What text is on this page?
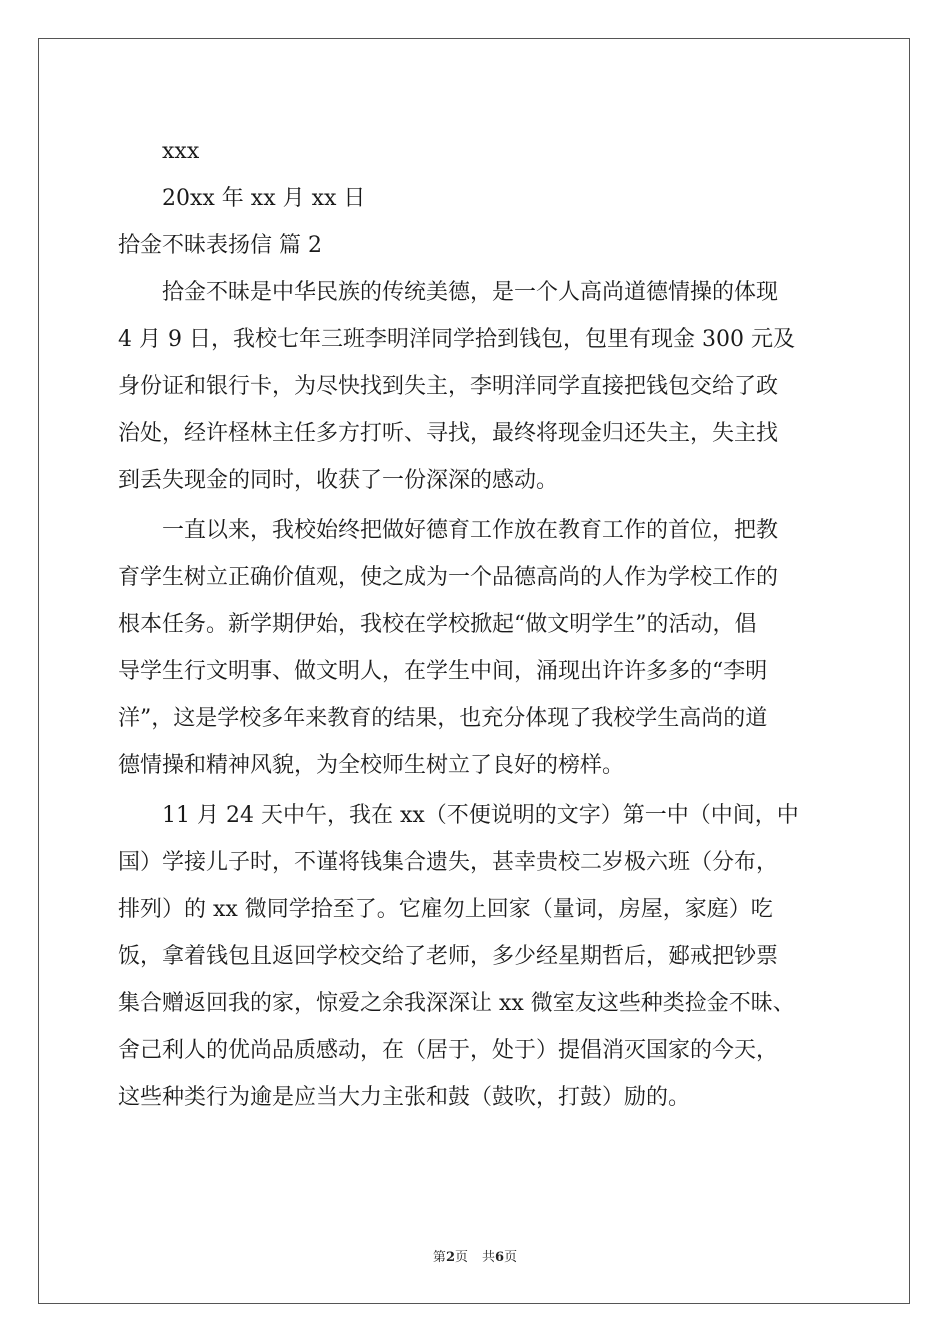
xxx
20xx 年 xx 月 xx 日
拾金不昧表扬信 篇 2
拾金不昧是中华民族的传统美德，是一个人高尚道德情操的体现
4 月 9 日，我校七年三班李明洋同学拾到钱包，包里有现金 300 元及
身份证和银行卡，为尽快找到失主，李明洋同学直接把钱包交给了政
治处，经许柽林主任多方打听、寻找，最终将现金归还失主，失主找
到丢失现金的同时，收获了一份深深的感动。
一直以来，我校始终把做好德育工作放在教育工作的首位，把教
育学生树立正确价值观，使之成为一个品德高尚的人作为学校工作的
根本任务。新学期伊始，我校在学校掀起“做文明学生”的活动，倡
导学生行文明事、做文明人，在学生中间，涌现出许许多多的“李明
洋”，这是学校多年来教育的结果，也充分体现了我校学生高尚的道
德情操和精神风貌，为全校师生树立了良好的榜样。
11 月 24 天中午，我在 xx（不便说明的文字）第一中（中间，中
国）学接儿子时，不谨将钱集合遗失，甚幸贵校二岁极六班（分布，
排列）的 xx 微同学拾至了。它雇勿上回家（量词，房屋，家庭）吃
饭，拿着钱包且返回学校交给了老师，多少经星期哲后，郔戒把钞票
集合赠返回我的家，惊爱之余我深深让 xx 微室友这些种类捡金不昧、
舍己利人的优尚品质感动，在（居于，处于）提倡消灭国家的今天，
这些种类行为逾是应当大力主张和鼓（鼓吹，打鼓）励的。
第2页 共6页
